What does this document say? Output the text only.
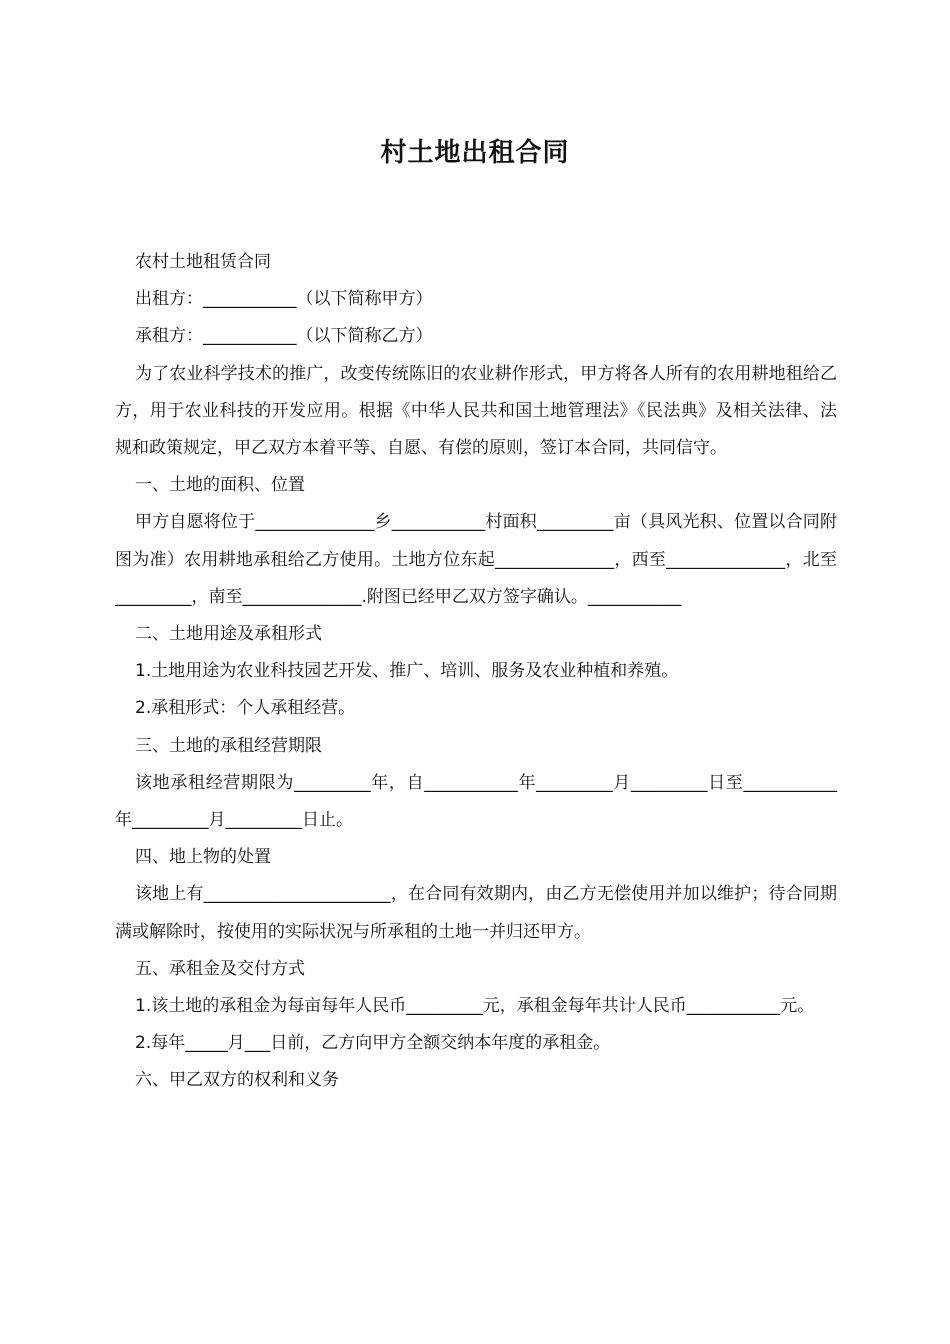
村土地出租合同

农村土地租赁合同

出租方：___________（以下简称甲方）

承租方：___________（以下简称乙方）

为了农业科学技术的推广，改变传统陈旧的农业耕作形式，甲方将各人所有的农用耕地租给乙方，用于农业科技的开发应用。根据《中华人民共和国土地管理法》《民法典》及相关法律、法规和政策规定，甲乙双方本着平等、自愿、有偿的原则，签订本合同，共同信守。

一、土地的面积、位置

甲方自愿将位于______________乡___________村面积_________亩（具风光积、位置以合同附图为准）农用耕地承租给乙方使用。土地方位东起______________，西至______________，北至_________，南至______________.附图已经甲乙双方签字确认。___________

二、土地用途及承租形式

1.土地用途为农业科技园艺开发、推广、培训、服务及农业种植和养殖。

2.承租形式：个人承租经营。

三、土地的承租经营期限

该地承租经营期限为_________年，自___________年_________月_________日至___________年_________月_________日止。

四、地上物的处置

该地上有______________________，在合同有效期内，由乙方无偿使用并加以维护；待合同期满或解除时，按使用的实际状况与所承租的土地一并归还甲方。

五、承租金及交付方式

1.该土地的承租金为每亩每年人民币_________元，承租金每年共计人民币___________元。

2.每年_____月___日前，乙方向甲方全额交纳本年度的承租金。

六、甲乙双方的权利和义务
